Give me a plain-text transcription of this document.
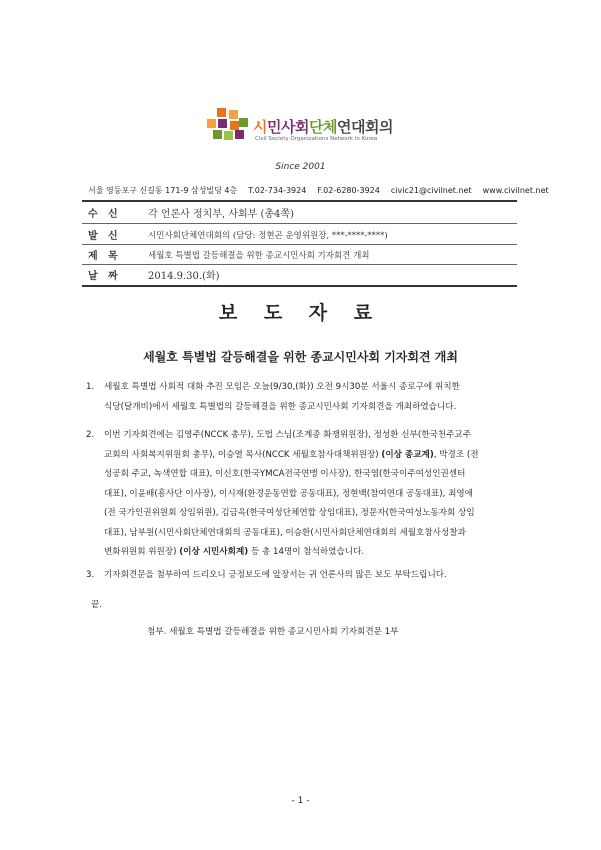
시민사회단체연대회의
Civil Society Organizations Network in Korea
Since 2001
서울 영등포구 신길동 171-9 삼성빌딩 4층 T.02-734-3924 F.02-6280-3924 civic21@civilnet.net www.civilnet.net
수	신	각 언론사 정치부, 사회부 (총4쪽)
발	신	시민사회단체연대회의 (담당: 정현곤 운영위원장, ***-****-****)
제	목	세월호 특별법 갈등해결을 위한 종교시민사회 기자회견 개최
날	짜	2014.9.30.(화)
보 도 자 료
세월호 특별법 갈등해결을 위한 종교시민사회 기자회견 개최
1.	세월호 특별법 사회적 대화 추진 모임은 오늘(9/30,(화)) 오전 9시30분 서울시 종로구에 위치한
식당(달개비)에서 세월호 특별법의 갈등해결을 위한 종교시민사회 기자회견을 개최하였습니다.
2.	이번 기자회견에는 김영주(NCCK 총무), 도법 스님(조계종 화쟁위원장), 정성환 신부(한국천주교주
교회의 사회복지위원회 총무), 이승열 목사(NCCK 세월호참사대책위원장) (이상 종교계), 박경조 (전
성공회 주교, 녹색연합 대표), 이신호(한국YMCA전국연맹 이사장), 한국염(한국이주여성인권센터
대표), 이윤배(흥사단 이사장), 이시재(환경운동연합 공동대표), 정현백(참여연대 공동대표), 최영애
(전 국가인권위원회 상임위원), 김금옥(한국여성단체연합 상임대표), 정문자(한국여성노동자회 상임
대표), 남부원(시민사회단체연대회의 공동대표), 이승환(시민사회단체연대회의 세월호참사성찰과
변화위원회 위원장) (이상 시민사회계) 등 총 14명이 참석하였습니다.
3.	기자회견문을 첨부하여 드리오니 긍정보도에 앞장서는 귀 언론사의 많은 보도 부탁드립니다.
끝.
첨부. 세월호 특별법 갈등해결을 위한 종교시민사회 기자회견문 1부
- 1 -
